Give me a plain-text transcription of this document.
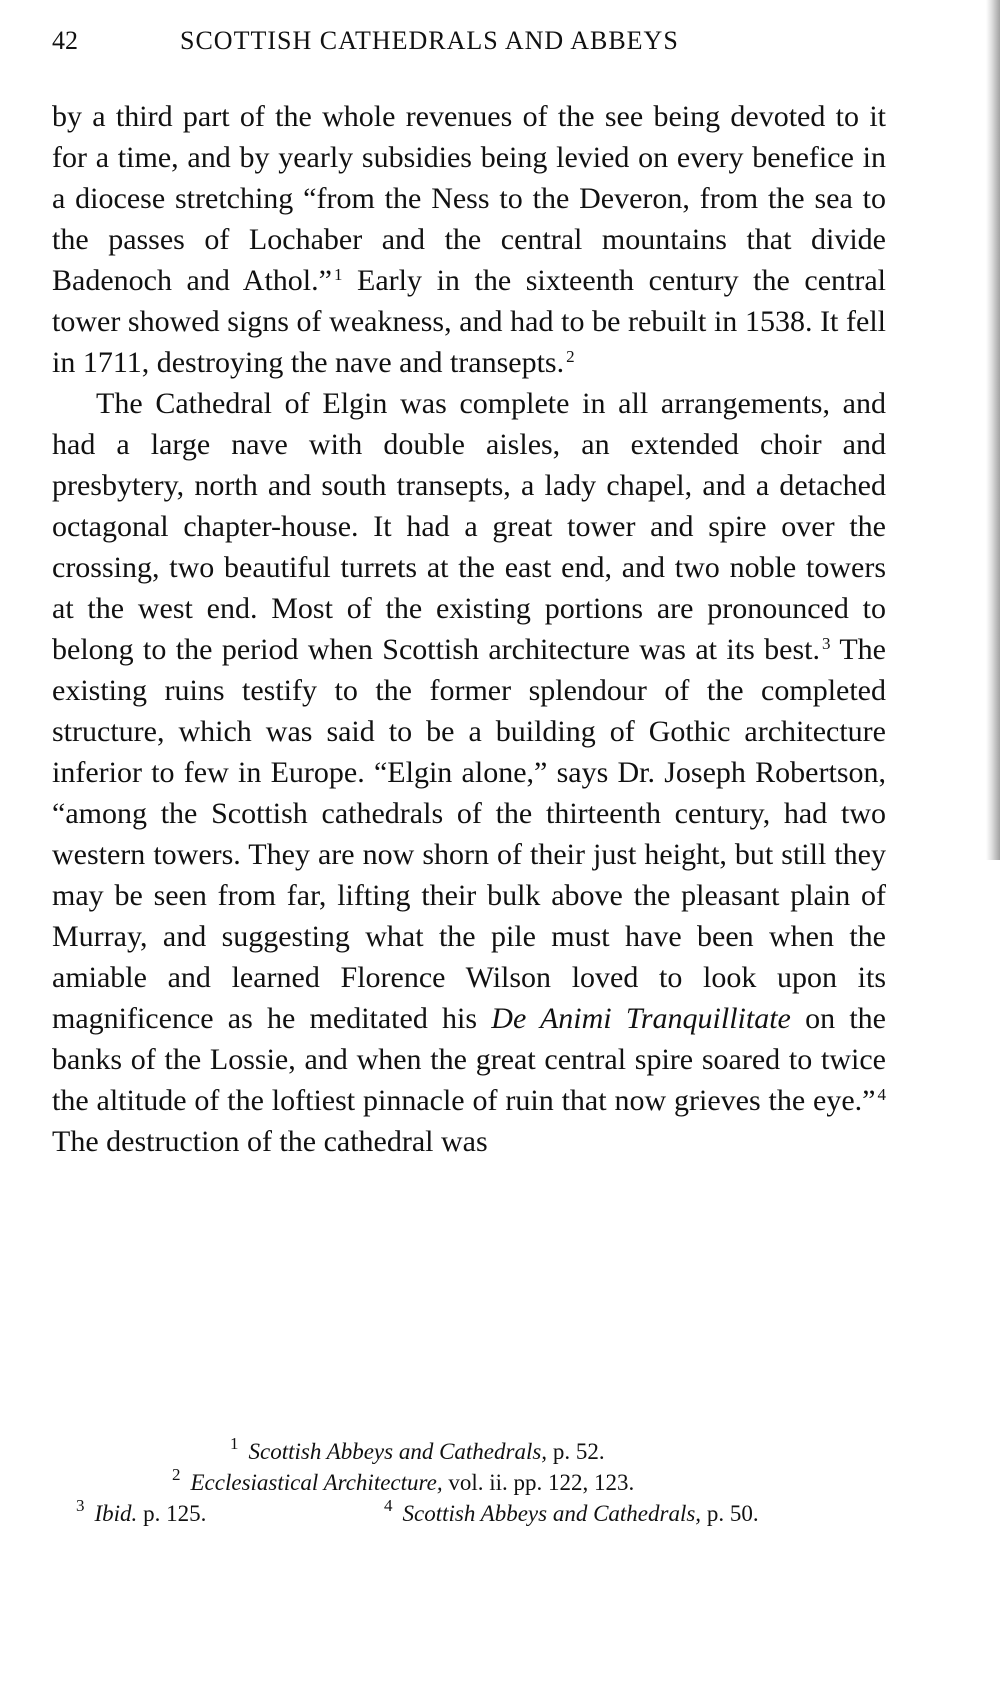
42	SCOTTISH CATHEDRALS AND ABBEYS

by a third part of the whole revenues of the see being devoted to it for a time, and by yearly subsidies being levied on every benefice in a diocese stretching “from the Ness to the Deveron, from the sea to the passes of Lochaber and the central mountains that divide Badenoch and Athol.” $^1$ Early in the sixteenth century the central tower showed signs of weakness, and had to be rebuilt in 1538. It fell in 1711, destroying the nave and transepts. $^2$

The Cathedral of Elgin was complete in all arrangements, and had a large nave with double aisles, an extended choir and presbytery, north and south transepts, a lady chapel, and a detached octagonal chapter-house. It had a great tower and spire over the crossing, two beautiful turrets at the east end, and two noble towers at the west end. Most of the existing portions are pronounced to belong to the period when Scottish architecture was at its best. $^3$ The existing ruins testify to the former splendour of the completed structure, which was said to be a building of Gothic architecture inferior to few in Europe. “Elgin alone,” says Dr. Joseph Robertson, “among the Scottish cathedrals of the thirteenth century, had two western towers. They are now shorn of their just height, but still they may be seen from far, lifting their bulk above the pleasant plain of Murray, and suggesting what the pile must have been when the amiable and learned Florence Wilson loved to look upon its magnificence as he meditated his De Animi Tranquillitate on the banks of the Lossie, and when the great central spire soared to twice the altitude of the loftiest pinnacle of ruin that now grieves the eye.” $^4$ The destruction of the cathedral was

$^1$ Scottish Abbeys and Cathedrals, p. 52.
$^2$ Ecclesiastical Architecture, vol. ii. pp. 122, 123.
$^3$ Ibid. p. 125.	$^4$ Scottish Abbeys and Cathedrals, p. 50.
